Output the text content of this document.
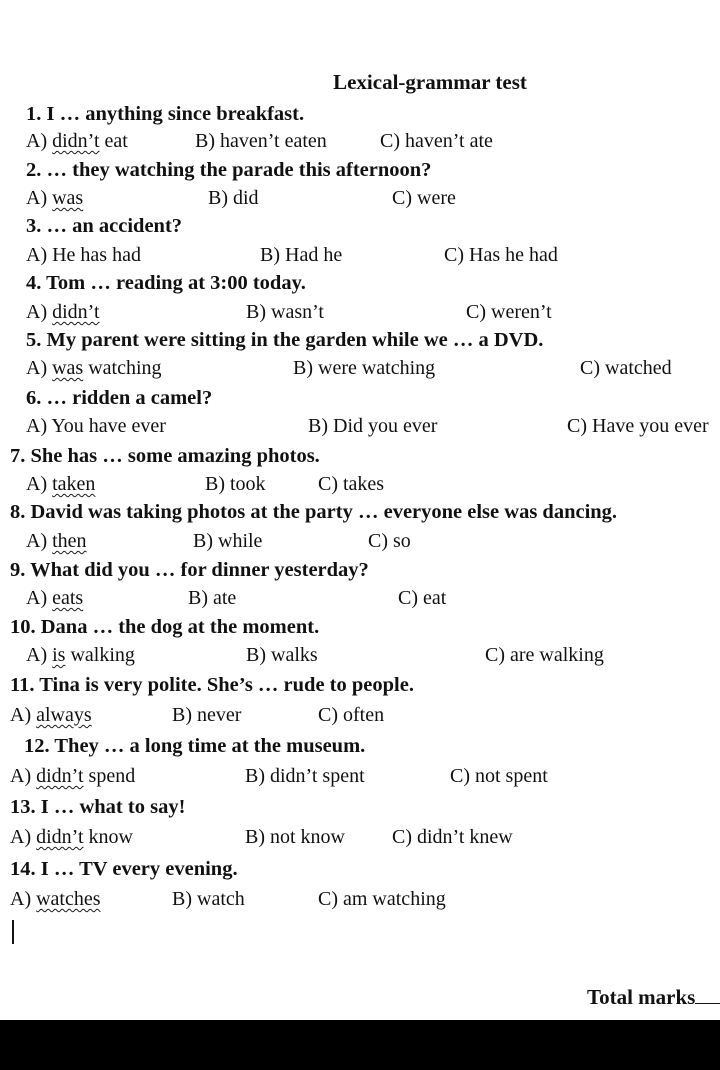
Lexical-grammar test
1. I … anything since breakfast.
A) didn’t eat	B) haven’t eaten	C) haven’t ate
2. … they watching the parade this afternoon?
A) was	B) did	C) were
3. … an accident?
A) He has had	B) Had he	C) Has he had
4. Tom … reading at 3:00 today.
A) didn’t	B) wasn’t	C) weren’t
5. My parent were sitting in the garden while we … a DVD.
A) was watching	B) were watching	C) watched
6. … ridden a camel?
A) You have ever	B) Did you ever	C) Have you ever
7. She has … some amazing photos.
A) taken	B) took	C) takes
8. David was taking photos at the party … everyone else was dancing.
A) then	B) while	C) so
9. What did you … for dinner yesterday?
A) eats	B) ate	C) eat
10. Dana … the dog at the moment.
A) is walking	B) walks	C) are walking
11. Tina is very polite. She’s … rude to people.
A) always	B) never	C) often
12. They … a long time at the museum.
A) didn’t spend	B) didn’t spent	C) not spent
13. I … what to say!
A) didn’t know	B) not know C) didn’t knew
14. I … TV every evening.
A) watches	B) watch	C) am watching
Total marks
